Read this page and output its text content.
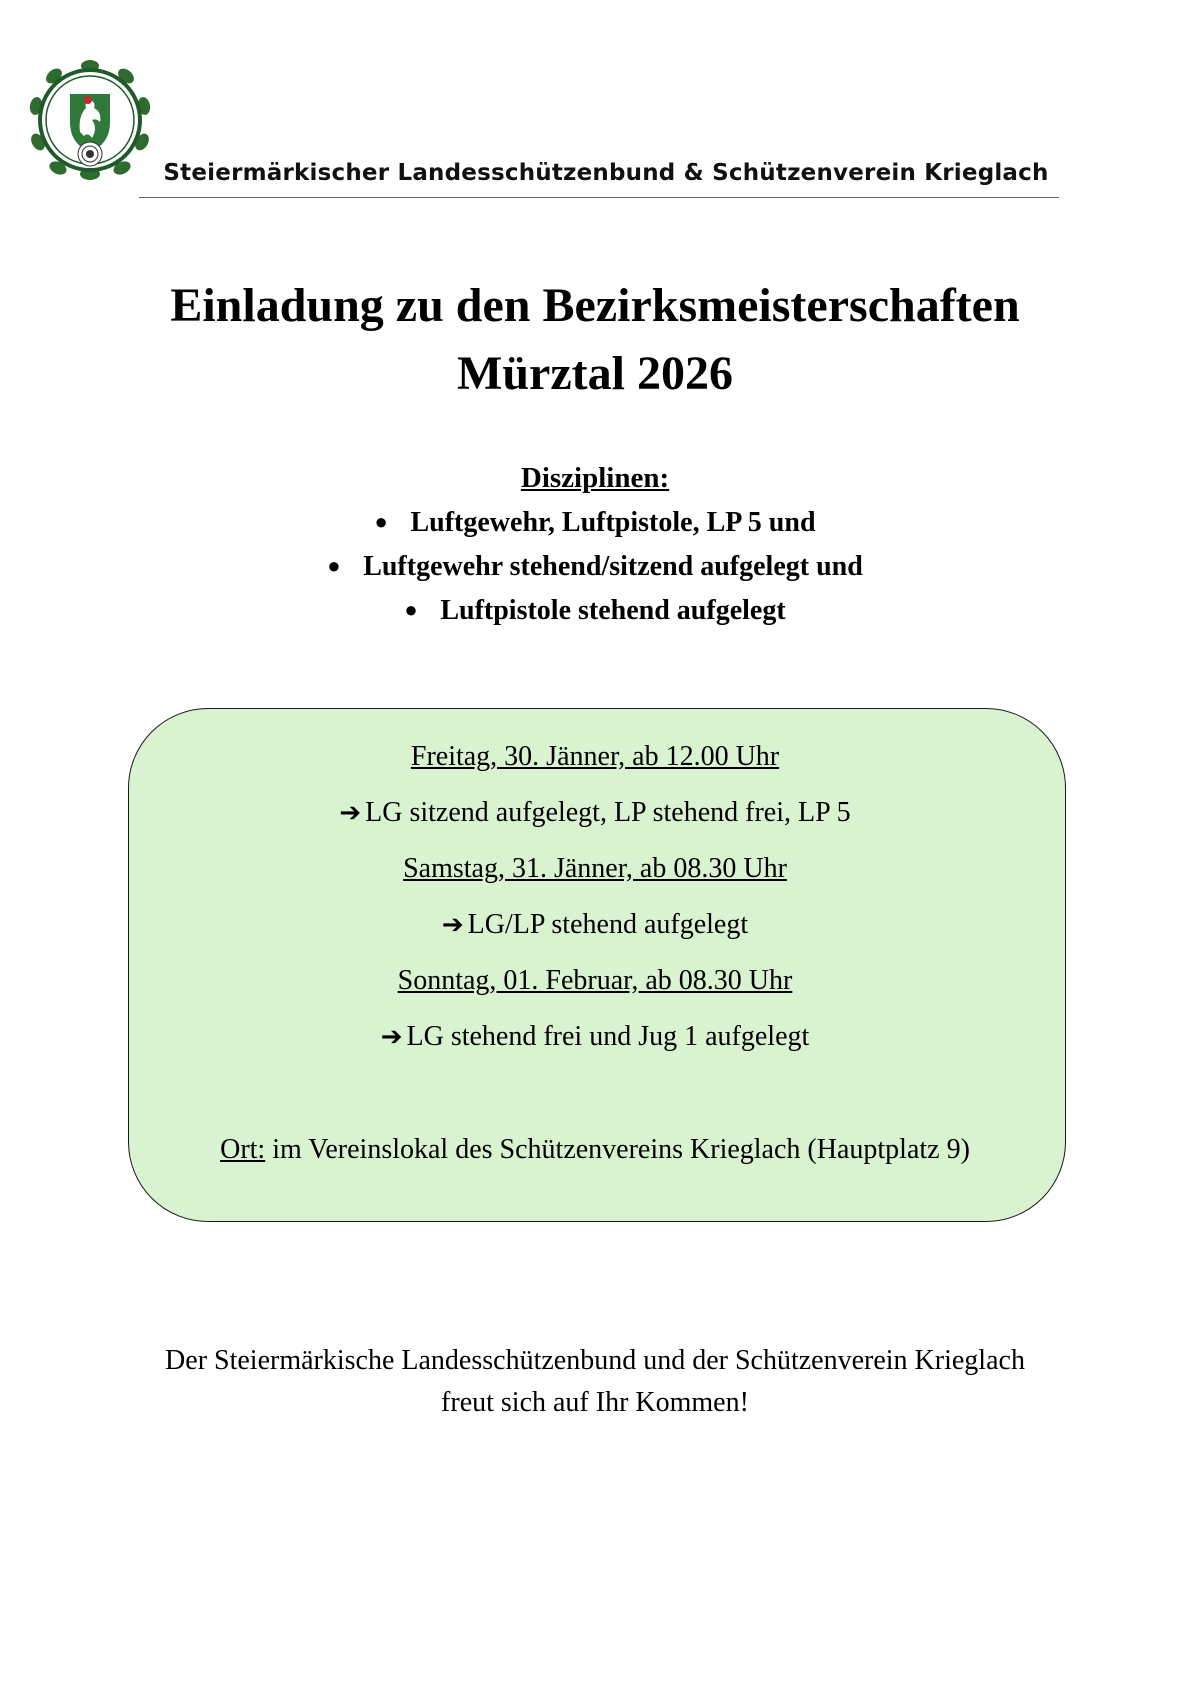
Steiermärkischer Landesschützenbund & Schützenverein Krieglach
Einladung zu den Bezirksmeisterschaften
Mürztal 2026
Disziplinen:
● Luftgewehr, Luftpistole, LP 5 und
● Luftgewehr stehend/sitzend aufgelegt und
● Luftpistole stehend aufgelegt
Freitag, 30. Jänner, ab 12.00 Uhr
➔ LG sitzend aufgelegt, LP stehend frei, LP 5
Samstag, 31. Jänner, ab 08.30 Uhr
➔ LG/LP stehend aufgelegt
Sonntag, 01. Februar, ab 08.30 Uhr
➔ LG stehend frei und Jug 1 aufgelegt
Ort: im Vereinslokal des Schützenvereins Krieglach (Hauptplatz 9)
Der Steiermärkische Landesschützenbund und der Schützenverein Krieglach
freut sich auf Ihr Kommen!
